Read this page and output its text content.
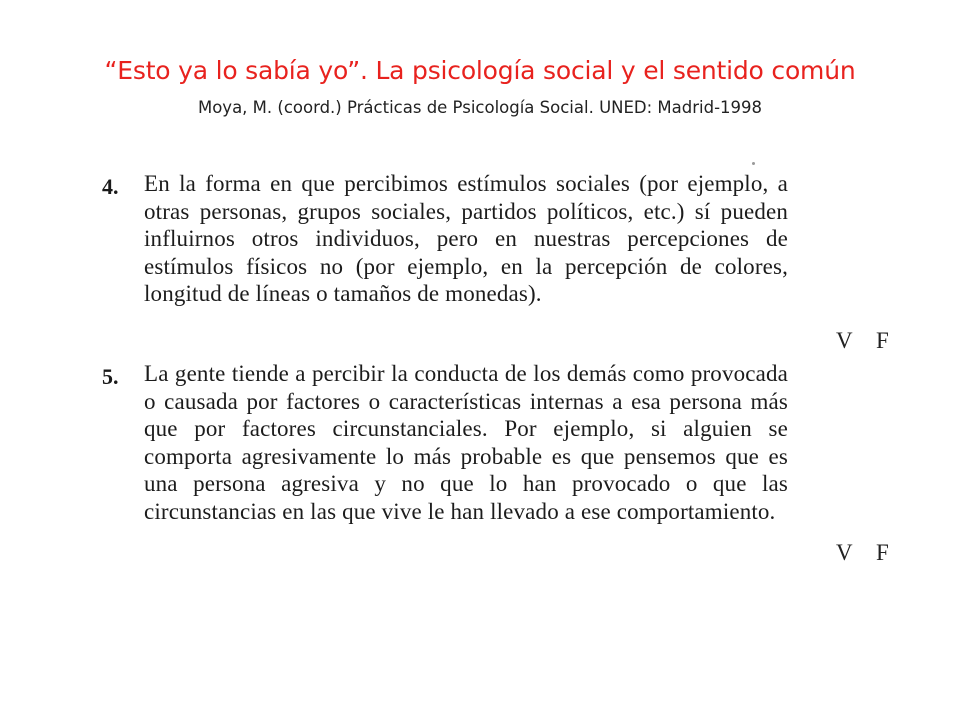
“Esto ya lo sabía yo”. La psicología social y el sentido común
Moya, M. (coord.) Prácticas de Psicología Social. UNED: Madrid-1998
4. En la forma en que percibimos estímulos sociales (por ejemplo, a otras personas, grupos sociales, partidos políticos, etc.) sí pueden influirnos otros individuos, pero en nuestras percepciones de estímulos físicos no (por ejemplo, en la percepción de colores, longitud de líneas o tamaños de monedas).

V F
5. La gente tiende a percibir la conducta de los demás como provocada o causada por factores o características internas a esa persona más que por factores circunstanciales. Por ejemplo, si alguien se comporta agresivamente lo más probable es que pensemos que es una persona agresiva y no que lo han provocado o que las circunstancias en las que vive le han llevado a ese comportamiento.

V F
